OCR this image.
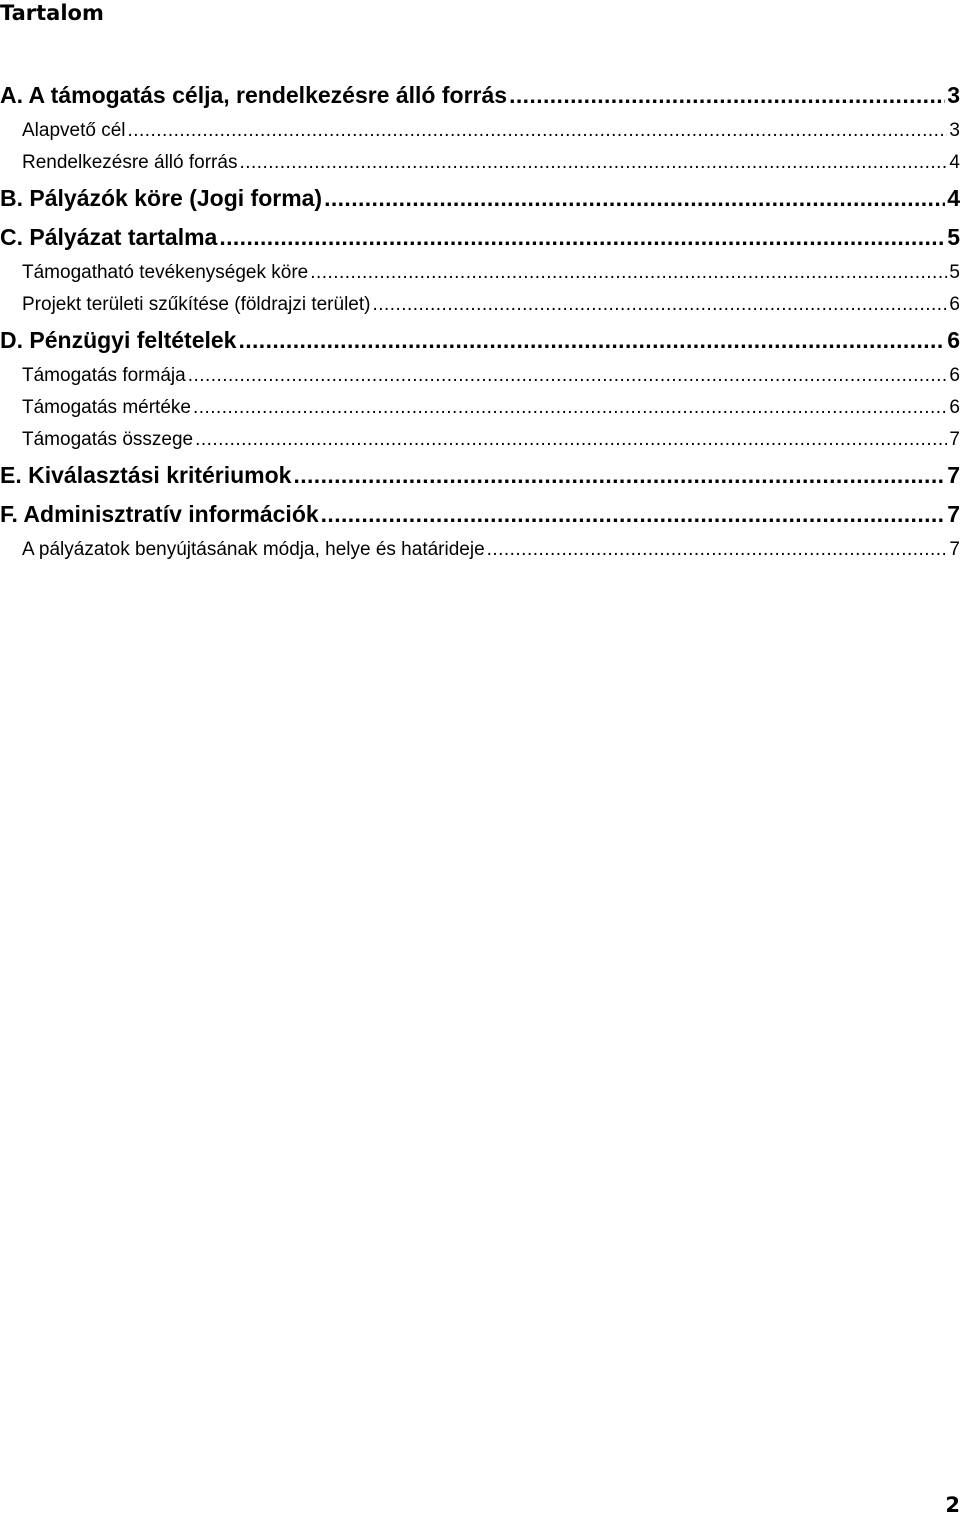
Tartalom
A. A támogatás célja, rendelkezésre álló forrás . . .	3
Alapvető cél . . .	3
Rendelkezésre álló forrás . . .	4
B. Pályázók köre (Jogi forma) . . .	4
C. Pályázat tartalma . . .	5
Támogatható tevékenységek köre . . .	5
Projekt területi szűkítése (földrajzi terület) . . .	6
D. Pénzügyi feltételek . . .	6
Támogatás formája . . .	6
Támogatás mértéke . . .	6
Támogatás összege . . .	7
E. Kiválasztási kritériumok . . .	7
F. Adminisztratív információk . . .	7
A pályázatok benyújtásának módja, helye és határideje . . .	7
2
